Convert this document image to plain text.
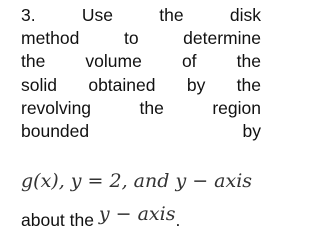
3.	Use	the	disk
method	to	determine
the volume of the
solid obtained by the
revolving	the	region
bounded	by
g(x), y = 2, and y − axis
about the y − axis.
